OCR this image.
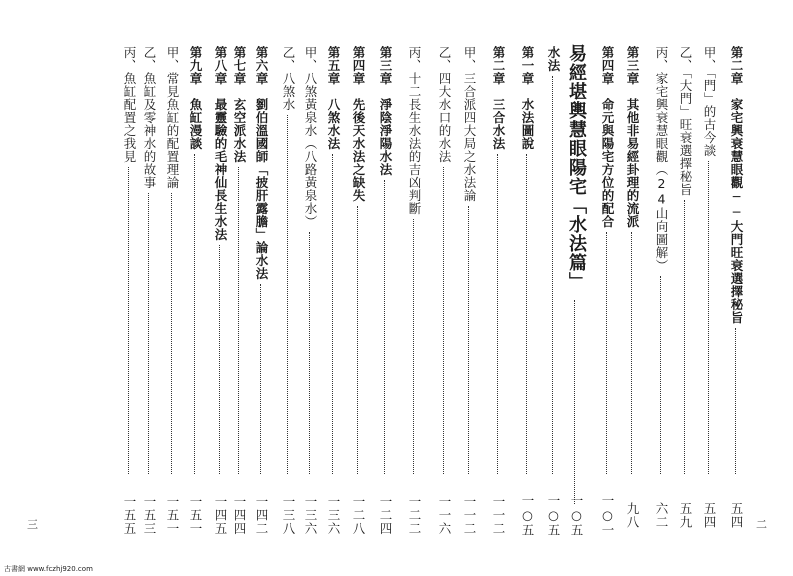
第二章　家宅興衰慧眼觀──大門旺衰選擇秘旨
五四
甲、「門」的古今談
五四
乙、「大門」旺衰選擇秘旨
五九
丙、家宅興衰慧眼觀（24山向圖解）
六二
第三章　其他非易經卦理的流派
九八
第四章　命元與陽宅方位的配合
一○一
水法
一○五
第一章　水法圖說
一○五
第二章　三合水法
一一二
甲、三合派四大局之水法論
一一二
乙、四大水口的水法
一一六
丙、十二長生水法的吉凶判斷
一二二
第三章　淨陰淨陽水法
一二四
第四章　先後天水法之缺失
一二八
第五章　八煞水法
一三六
甲、八煞黃泉水（八路黃泉水）
一三六
乙、八煞水
一三八
第六章　劉伯溫國師「披肝露膽」論水法
一四二
第七章　玄空派水法
一四四
第八章　最靈驗的毛神仙長生水法
一四五
第九章　魚缸漫談
一五一
甲、常見魚缸的配置理論
一五一
乙、魚缸及零神水的故事
一五三
丙、魚缸配置之我見
一五五
易經堪輿慧眼陽宅「水法篇」
一○五
三	二
古書網 www.fczhj920.com
